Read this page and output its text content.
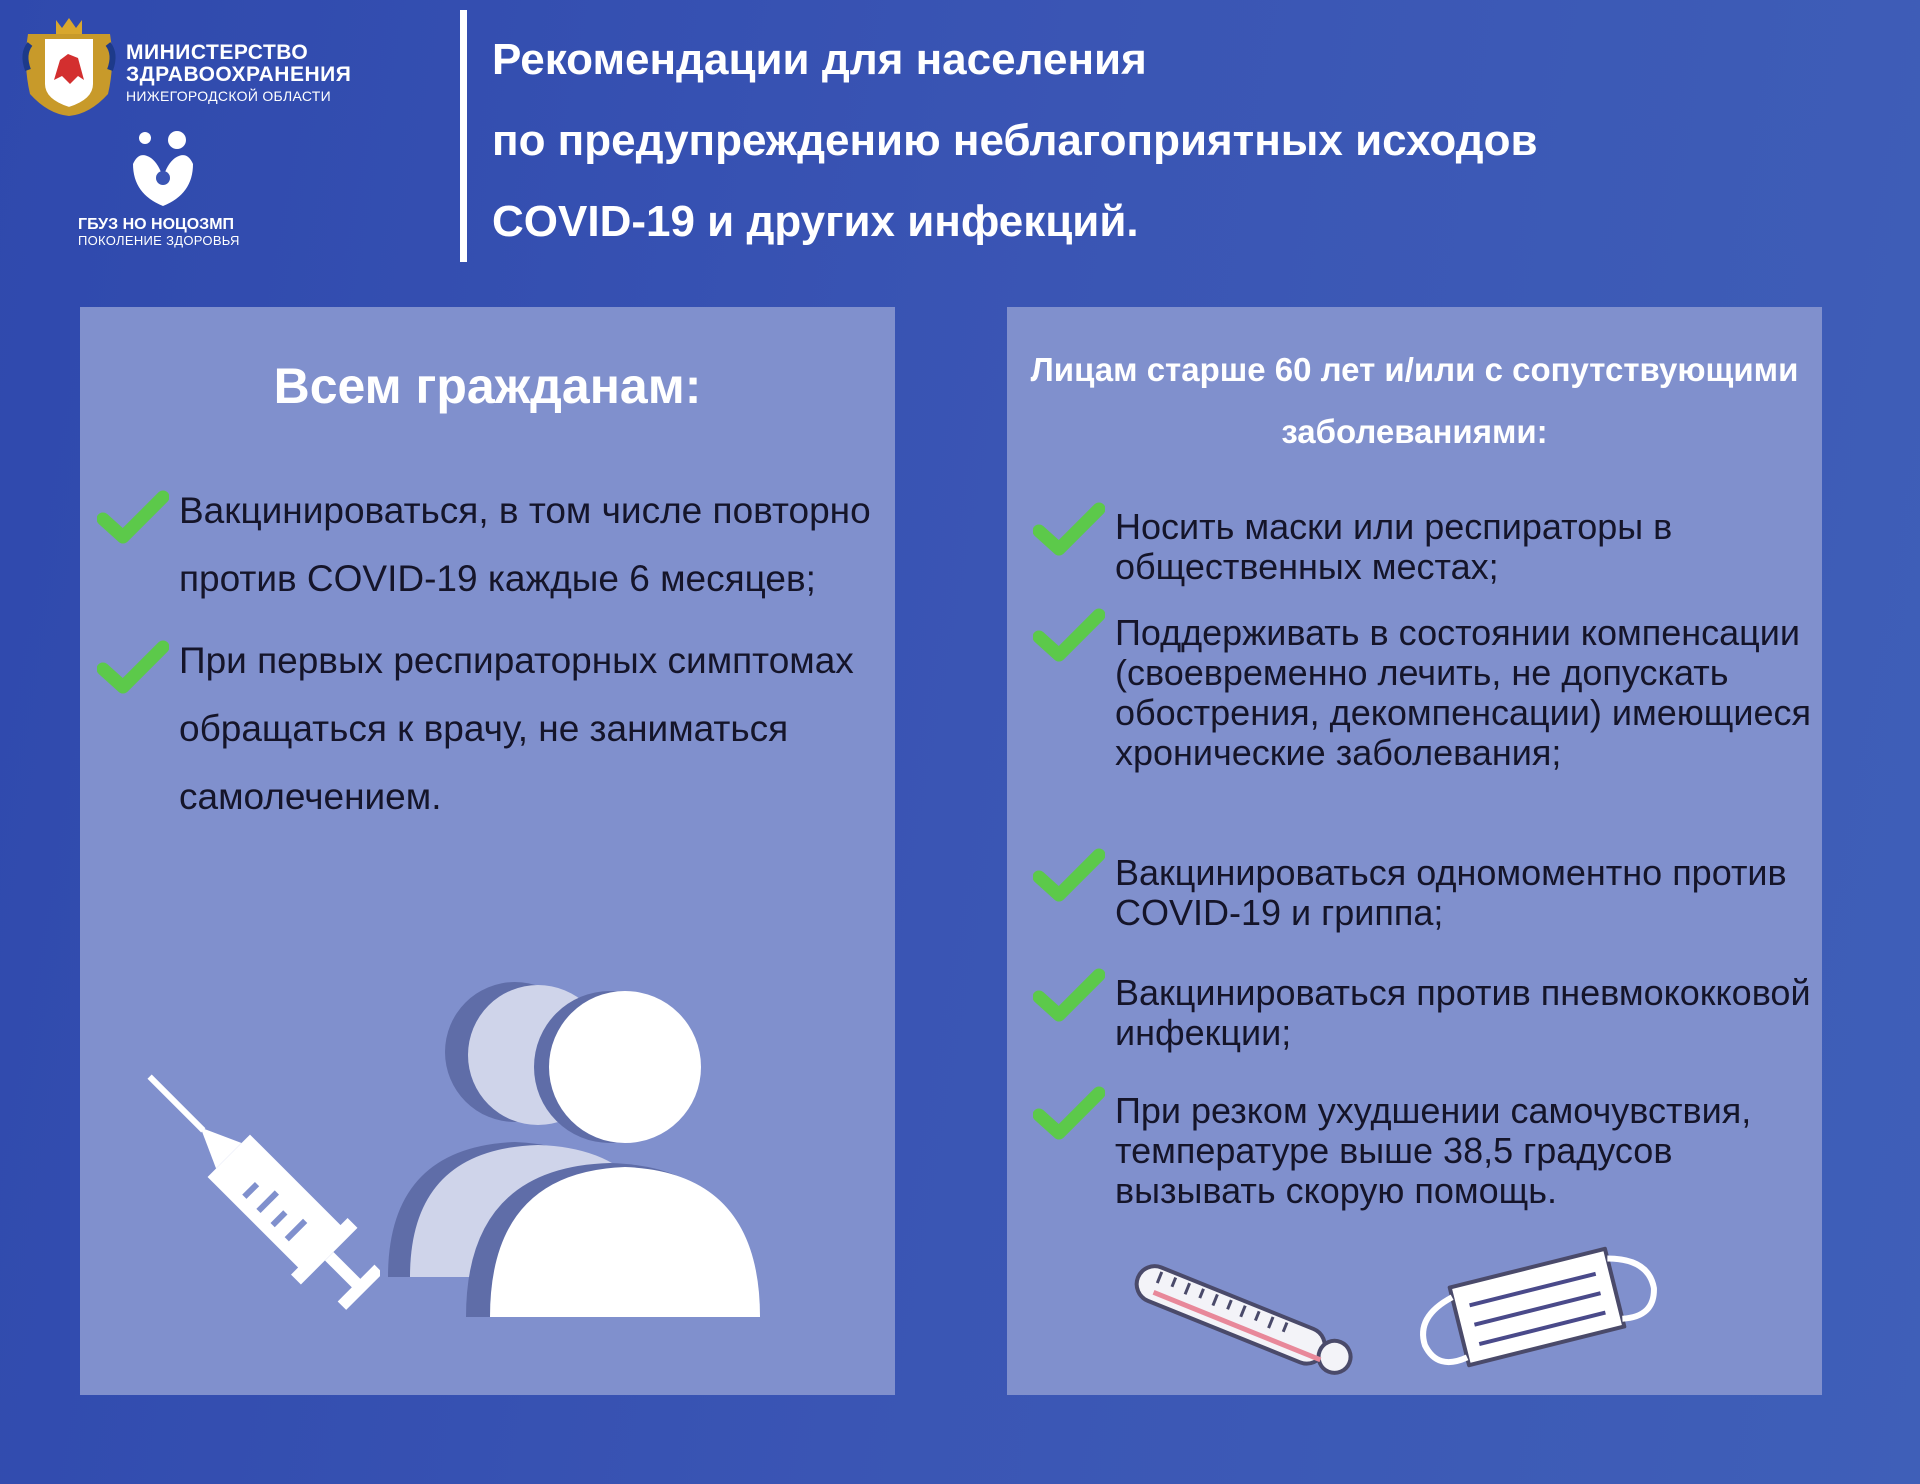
МИНИСТЕРСТВО
ЗДРАВООХРАНЕНИЯ
НИЖЕГОРОДСКОЙ ОБЛАСТИ
ГБУЗ НО НОЦОЗМП
ПОКОЛЕНИЕ ЗДОРОВЬЯ
Рекомендации для населения
по предупреждению неблагоприятных исходов
COVID-19 и других инфекций.
Всем гражданам:
Вакцинироваться, в том числе повторно против COVID-19 каждые 6 месяцев;
При первых респираторных симптомах обращаться к врачу, не заниматься самолечением.
Лицам старше 60 лет и/или с сопутствующими заболеваниями:
Носить маски или респираторы в общественных местах;
Поддерживать в состоянии компенсации (своевременно лечить, не допускать обострения, декомпенсации) имеющиеся хронические заболевания;
Вакцинироваться одномоментно против COVID-19 и гриппа;
Вакцинироваться против пневмококковой инфекции;
При резком ухудшении самочувствия, температуре выше 38,5 градусов вызывать скорую помощь.
